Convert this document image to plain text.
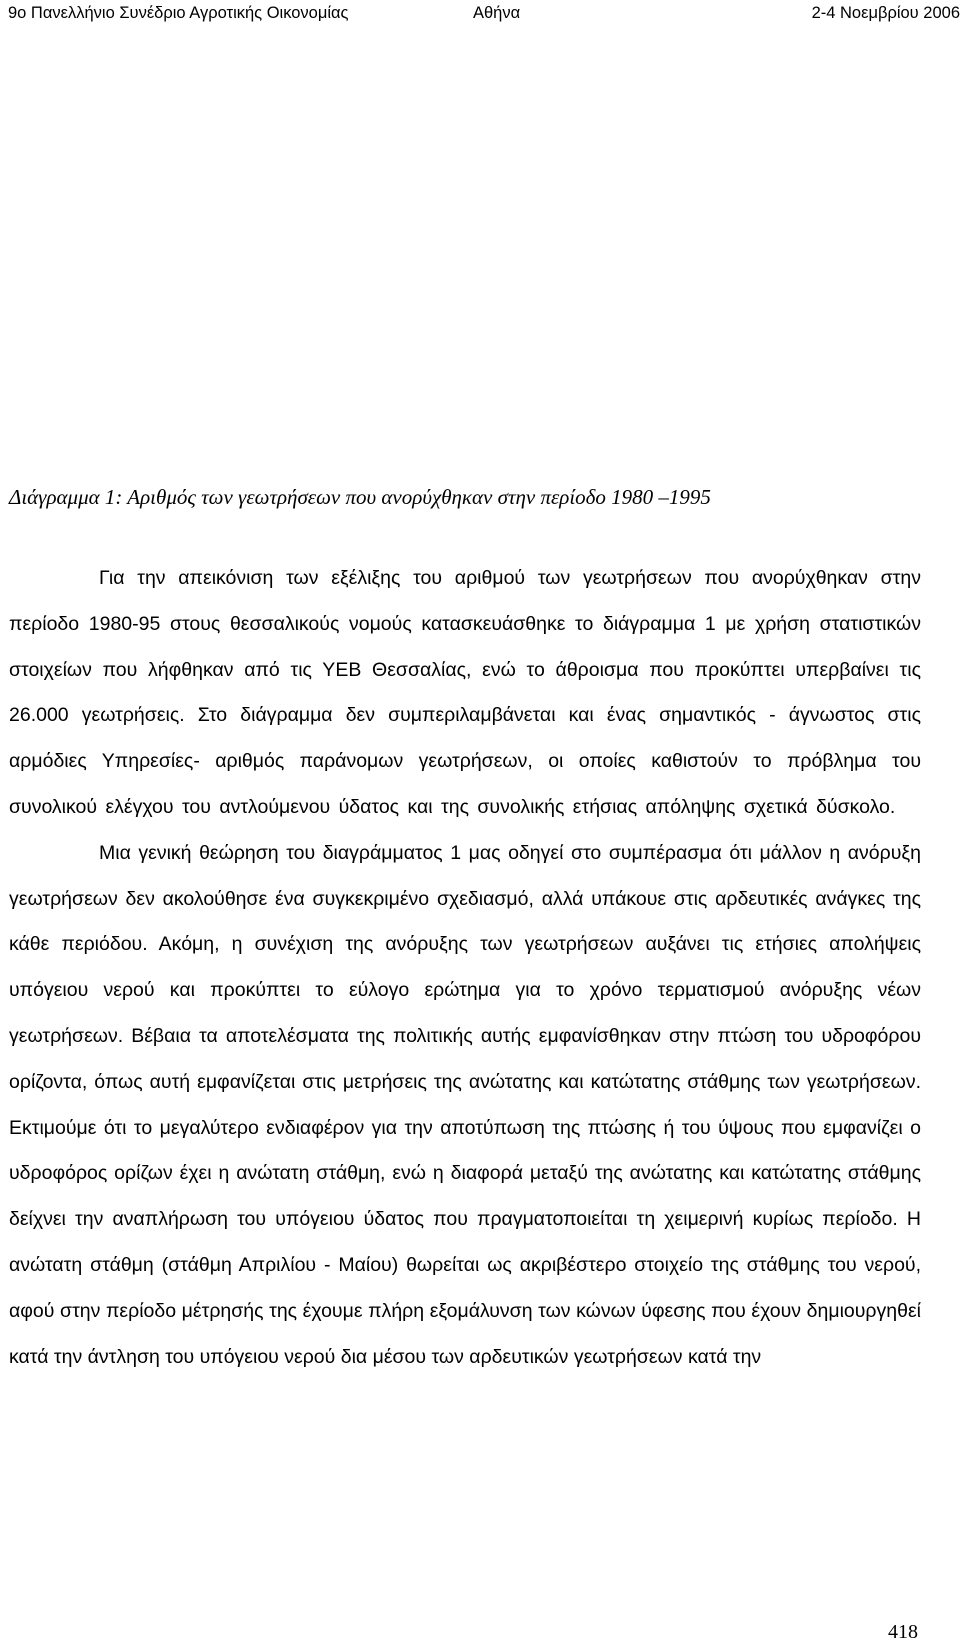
9ο Πανελλήνιο Συνέδριο Αγροτικής Οικονομίας	Αθήνα	2-4 Νοεμβρίου 2006
Διάγραμμα 1: Αριθμός των γεωτρήσεων που ανορύχθηκαν στην περίοδο 1980 –1995

Για την απεικόνιση των εξέλιξης του αριθμού των γεωτρήσεων που ανορύχθηκαν στην περίοδο 1980-95 στους θεσσαλικούς νομούς κατασκευάσθηκε το διάγραμμα 1 με χρήση στατιστικών στοιχείων που λήφθηκαν από τις ΥΕΒ Θεσσαλίας, ενώ το άθροισμα που προκύπτει υπερβαίνει τις 26.000 γεωτρήσεις. Στο διάγραμμα δεν συμπεριλαμβάνεται και ένας σημαντικός - άγνωστος στις αρμόδιες Υπηρεσίες- αριθμός παράνομων γεωτρήσεων, οι οποίες καθιστούν το πρόβλημα του συνολικού ελέγχου του αντλούμενου ύδατος και της συνολικής ετήσιας απόληψης σχετικά δύσκολο.

Μια γενική θεώρηση του διαγράμματος 1 μας οδηγεί στο συμπέρασμα ότι μάλλον η ανόρυξη γεωτρήσεων δεν ακολούθησε ένα συγκεκριμένο σχεδιασμό, αλλά υπάκουε στις αρδευτικές ανάγκες της κάθε περιόδου. Ακόμη, η συνέχιση της ανόρυξης των γεωτρήσεων αυξάνει τις ετήσιες απολήψεις υπόγειου νερού και προκύπτει το εύλογο ερώτημα για το χρόνο τερματισμού ανόρυξης νέων γεωτρήσεων. Βέβαια τα αποτελέσματα της πολιτικής αυτής εμφανίσθηκαν στην πτώση του υδροφόρου ορίζοντα, όπως αυτή εμφανίζεται στις μετρήσεις της ανώτατης και κατώτατης στάθμης των γεωτρήσεων. Εκτιμούμε ότι το μεγαλύτερο ενδιαφέρον για την αποτύπωση της πτώσης ή του ύψους που εμφανίζει ο υδροφόρος ορίζων έχει η ανώτατη στάθμη, ενώ η διαφορά μεταξύ της ανώτατης και κατώτατης στάθμης δείχνει την αναπλήρωση του υπόγειου ύδατος που πραγματοποιείται τη χειμερινή κυρίως περίοδο. Η ανώτατη στάθμη (στάθμη Απριλίου - Μαίου) θωρείται ως ακριβέστερο στοιχείο της στάθμης του νερού, αφού στην περίοδο μέτρησής της έχουμε πλήρη εξομάλυνση των κώνων ύφεσης που έχουν δημιουργηθεί κατά την άντληση του υπόγειου νερού δια μέσου των αρδευτικών γεωτρήσεων κατά την

418
